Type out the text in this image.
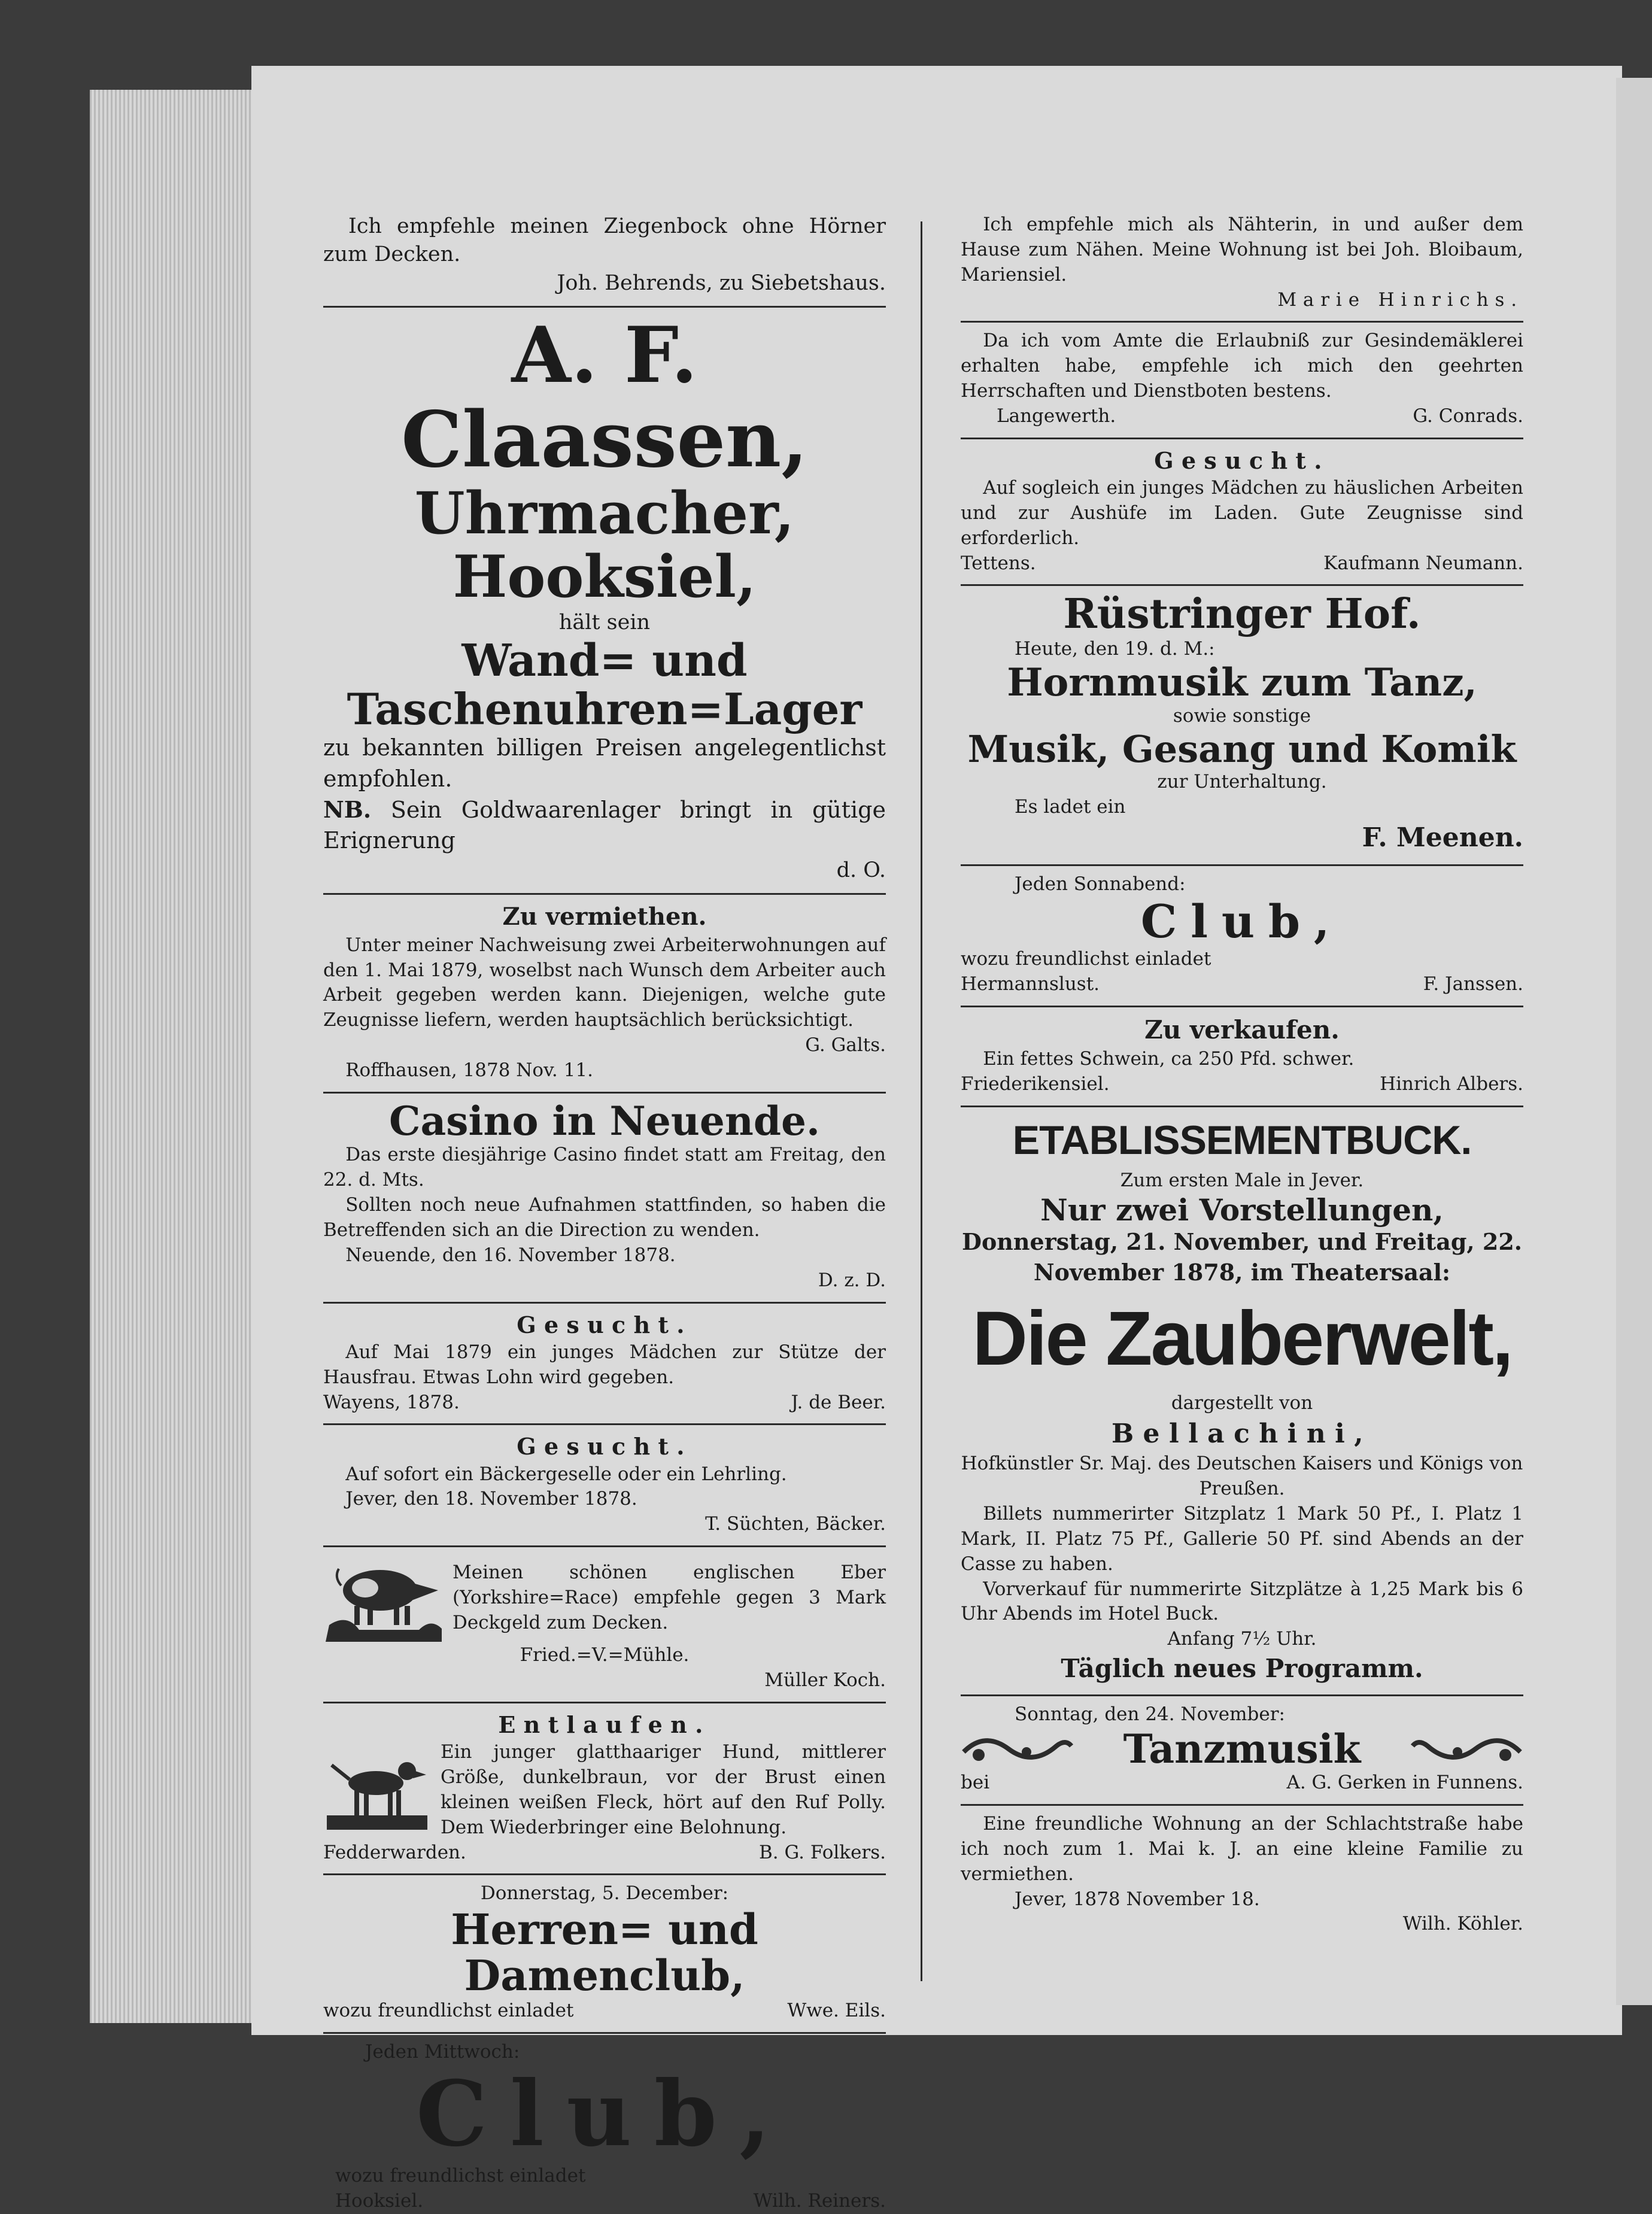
Ich empfehle meinen Ziegenbock ohne Hörner zum Decken.
Joh. Behrends, zu Siebetshaus.
A. F. Claassen,
Uhrmacher, Hooksiel,
hält sein
Wand= und
Taschenuhren=Lager
zu bekannten billigen Preisen angelegentlichst empfohlen.
NB. Sein Goldwaarenlager bringt in gütige Erignerung
d. O.
Zu vermiethen.
Unter meiner Nachweisung zwei Arbeiterwohnungen auf den 1. Mai 1879, woselbst nach Wunsch dem Arbeiter auch Arbeit gegeben werden kann. Diejenigen, welche gute Zeugnisse liefern, werden hauptsächlich berücksichtigt.
G. Galts.
Roffhausen, 1878 Nov. 11.
Casino in Neuende.
Das erste diesjährige Casino findet statt am Freitag, den 22. d. Mts.
Sollten noch neue Aufnahmen stattfinden, so haben die Betreffenden sich an die Direction zu wenden.
Neuende, den 16. November 1878.
D. z. D.
Gesucht.
Auf Mai 1879 ein junges Mädchen zur Stütze der Hausfrau. Etwas Lohn wird gegeben.
Wayens, 1878.	J. de Beer.
Gesucht.
Auf sofort ein Bäckergeselle oder ein Lehrling.
Jever, den 18. November 1878.
T. Süchten, Bäcker.
Meinen schönen englischen Eber (Yorkshire=Race) empfehle gegen 3 Mark Deckgeld zum Decken.
Fried.=V.=Mühle.
Müller Koch.
Entlaufen.
Ein junger glatthaariger Hund, mittlerer Größe, dunkelbraun, vor der Brust einen kleinen weißen Fleck, hört auf den Ruf Polly. Dem Wiederbringer eine Belohnung.
Fedderwarden.	B. G. Folkers.
Donnerstag, 5. December:
Herren= und Damenclub,
wozu freundlichst einladet	Wwe. Eils.
Jeden Mittwoch:
Club,
wozu freundlichst einladet
Hooksiel.	Wilh. Reiners.
Ich empfehle mich als Nähterin, in und außer dem Hause zum Nähen. Meine Wohnung ist bei Joh. Bloibaum, Mariensiel.
Marie Hinrichs.
Da ich vom Amte die Erlaubniß zur Gesindemäklerei erhalten habe, empfehle ich mich den geehrten Herrschaften und Dienstboten bestens.
Langewerth.	G. Conrads.
Gesucht.
Auf sogleich ein junges Mädchen zu häuslichen Arbeiten und zur Aushüfe im Laden. Gute Zeugnisse sind erforderlich.
Tettens.	Kaufmann Neumann.
Rüstringer Hof.
Heute, den 19. d. M.:
Hornmusik zum Tanz,
sowie sonstige
Musik, Gesang und Komik
zur Unterhaltung.
Es ladet ein
F. Meenen.
Jeden Sonnabend:
Club,
wozu freundlichst einladet
Hermannslust.	F. Janssen.
Zu verkaufen.
Ein fettes Schwein, ca 250 Pfd. schwer.
Friederikensiel.	Hinrich Albers.
ETABLISSEMENTBUCK.
Zum ersten Male in Jever.
Nur zwei Vorstellungen,
Donnerstag, 21. November, und Freitag, 22. November 1878, im Theatersaal:
Die Zauberwelt,
dargestellt von
Bellachini,
Hofkünstler Sr. Maj. des Deutschen Kaisers und Königs von Preußen.
Billets nummerirter Sitzplatz 1 Mark 50 Pf., I. Platz 1 Mark, II. Platz 75 Pf., Gallerie 50 Pf. sind Abends an der Casse zu haben.
Vorverkauf für nummerirte Sitzplätze à 1,25 Mark bis 6 Uhr Abends im Hotel Buck.
Anfang 7½ Uhr.
Täglich neues Programm.
Sonntag, den 24. November:
Tanzmusik
bei	A. G. Gerken in Funnens.
Eine freundliche Wohnung an der Schlachtstraße habe ich noch zum 1. Mai k. J. an eine kleine Familie zu vermiethen.
Jever, 1878 November 18.
Wilh. Köhler.
